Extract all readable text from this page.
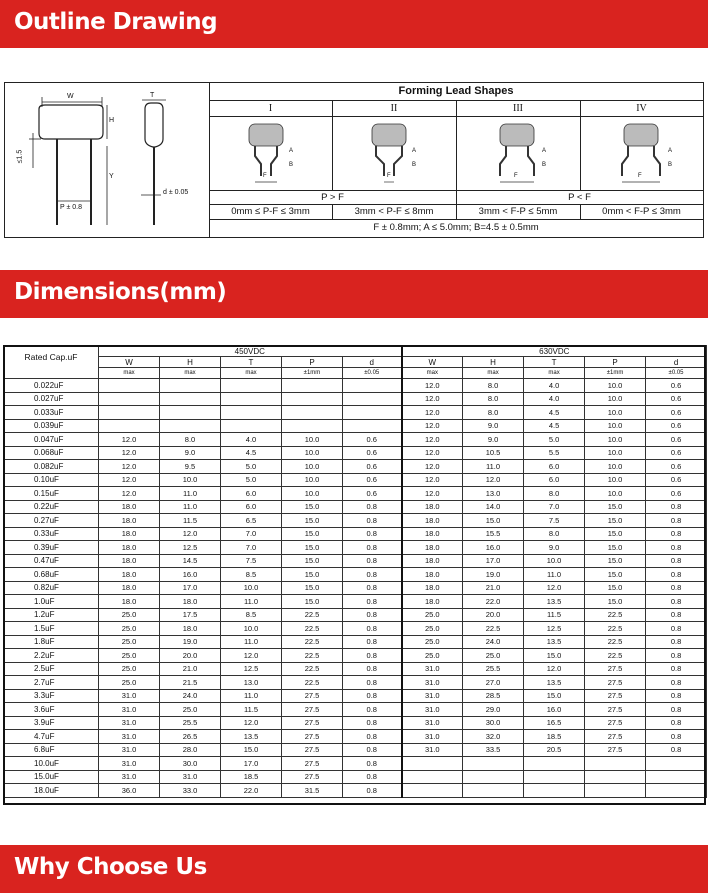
Outline Drawing
W
H
T
Y
≤1.5
P ± 0.8
d ± 0.05
Forming Lead Shapes
I
F
A
B
II
F
A
B
III
F
A
B
IV
F
A
B
P > F	P < F
0mm ≤ P-F ≤ 3mm	3mm < P-F ≤ 8mm	3mm < F-P ≤ 5mm	0mm < F-P ≤ 3mm
F ± 0.8mm; A ≤ 5.0mm; B=4.5 ± 0.5mm
Dimensions(mm)
Rated Cap.uF	450VDC					630VDC				
	W	H	T	P	d	W	H	T	P	d
	max	max	max	±1mm	±0.05	max	max	max	±1mm	±0.05
0.022uF						12.0	8.0	4.0	10.0	0.6
0.027uF						12.0	8.0	4.0	10.0	0.6
0.033uF						12.0	8.0	4.5	10.0	0.6
0.039uF						12.0	9.0	4.5	10.0	0.6
0.047uF	12.0	8.0	4.0	10.0	0.6	12.0	9.0	5.0	10.0	0.6
0.068uF	12.0	9.0	4.5	10.0	0.6	12.0	10.5	5.5	10.0	0.6
0.082uF	12.0	9.5	5.0	10.0	0.6	12.0	11.0	6.0	10.0	0.6
0.10uF	12.0	10.0	5.0	10.0	0.6	12.0	12.0	6.0	10.0	0.6
0.15uF	12.0	11.0	6.0	10.0	0.6	12.0	13.0	8.0	10.0	0.6
0.22uF	18.0	11.0	6.0	15.0	0.8	18.0	14.0	7.0	15.0	0.8
0.27uF	18.0	11.5	6.5	15.0	0.8	18.0	15.0	7.5	15.0	0.8
0.33uF	18.0	12.0	7.0	15.0	0.8	18.0	15.5	8.0	15.0	0.8
0.39uF	18.0	12.5	7.0	15.0	0.8	18.0	16.0	9.0	15.0	0.8
0.47uF	18.0	14.5	7.5	15.0	0.8	18.0	17.0	10.0	15.0	0.8
0.68uF	18.0	16.0	8.5	15.0	0.8	18.0	19.0	11.0	15.0	0.8
0.82uF	18.0	17.0	10.0	15.0	0.8	18.0	21.0	12.0	15.0	0.8
1.0uF	18.0	18.0	11.0	15.0	0.8	18.0	22.0	13.5	15.0	0.8
1.2uF	25.0	17.5	8.5	22.5	0.8	25.0	20.0	11.5	22.5	0.8
1.5uF	25.0	18.0	10.0	22.5	0.8	25.0	22.5	12.5	22.5	0.8
1.8uF	25.0	19.0	11.0	22.5	0.8	25.0	24.0	13.5	22.5	0.8
2.2uF	25.0	20.0	12.0	22.5	0.8	25.0	25.0	15.0	22.5	0.8
2.5uF	25.0	21.0	12.5	22.5	0.8	31.0	25.5	12.0	27.5	0.8
2.7uF	25.0	21.5	13.0	22.5	0.8	31.0	27.0	13.5	27.5	0.8
3.3uF	31.0	24.0	11.0	27.5	0.8	31.0	28.5	15.0	27.5	0.8
3.6uF	31.0	25.0	11.5	27.5	0.8	31.0	29.0	16.0	27.5	0.8
3.9uF	31.0	25.5	12.0	27.5	0.8	31.0	30.0	16.5	27.5	0.8
4.7uF	31.0	26.5	13.5	27.5	0.8	31.0	32.0	18.5	27.5	0.8
6.8uF	31.0	28.0	15.0	27.5	0.8	31.0	33.5	20.5	27.5	0.8
10.0uF	31.0	30.0	17.0	27.5	0.8					
15.0uF	31.0	31.0	18.5	27.5	0.8					
18.0uF	36.0	33.0	22.0	31.5	0.8					
Why Choose Us
